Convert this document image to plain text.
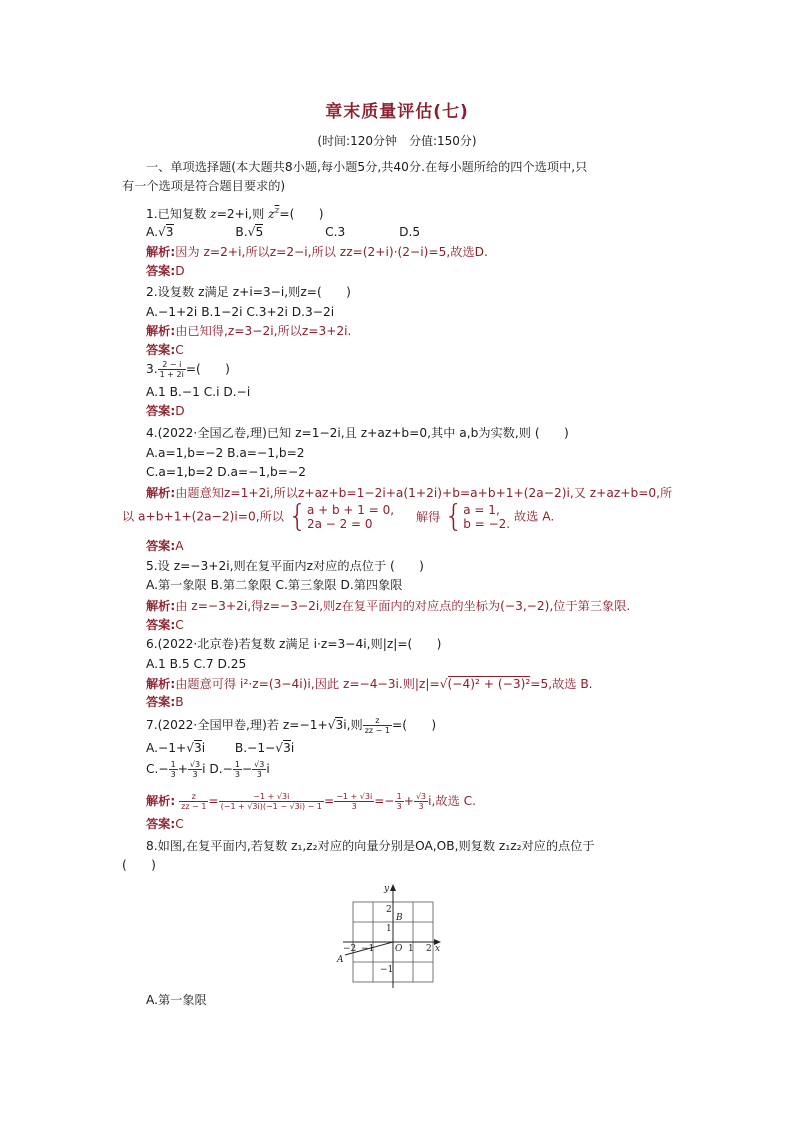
章末质量评估(七)
(时间:120分钟　分值:150分)
一、单项选择题(本大题共8小题,每小题5分,共40分.在每小题所给的四个选项中,只
有一个选项是符合题目要求的)
1.已知复数 z=2+i,则 $z^{\overline{z}}=$(　　)
A.√3	B.√5	C.3	D.5
解析:因为 z=2+i,所以z=2−i,所以 zz=(2+i)·(2−i)=5,故选D.
答案:D
2.设复数 z满足 z+i=3−i,则z=(　　)
A.−1+2i B.1−2i C.3+2i D.3−2i
解析:由已知得,z=3−2i,所以z=3+2i.
答案:C
3. $\frac{2 - i}{1 + 2i}$ =(　　)
A.1 B.−1 C.i D.−i
答案:D
4.(2022·全国乙卷,理)已知 z=1−2i,且 z+az+b=0,其中 a,b为实数,则 (　　)
A.a=1,b=−2 B.a=−1,b=2
C.a=1,b=2 D.a=−1,b=−2
解析:由题意知z=1+2i,所以z+az+b=1−2i+a(1+2i)+b=a+b+1+(2a−2)i,又 z+az+b=0,所
以 a+b+1+(2a−2)i=0,所以 { a + b + 1 = 0,
2a − 2 = 0
解得 { a = 1,
b = −2.
故选 A.
答案:A
5.设 z=−3+2i,则在复平面内z对应的点位于 (　　)
A.第一象限 B.第二象限 C.第三象限 D.第四象限
解析:由 z=−3+2i,得z=−3−2i,则z在复平面内的对应点的坐标为(−3,−2),位于第三象限.
答案:C
6.(2022·北京卷)若复数 z满足 i·z=3−4i,则|z|=(　　)
A.1 B.5 C.7 D.25
解析:由题意可得 i²·z=(3−4i)i,因此 z=−4−3i.则|z|=√(−4)² + (−3)²=5,故选 B.
答案:B
7.(2022·全国甲卷,理)若 z=−1+√3i,则 $\frac{z}{zz - 1}$ =(　　)
A.−1+√3i B.−1−√3i
$C.- \frac{1}{3} + \frac{√3}{3}$ i $D.- \frac{1}{3} - \frac{√3}{3}$ i
解析: $\frac{z}{zz - 1} = \frac{-1 + √3i}{(-1 + √3i)(-1 - √3i) - 1} = \frac{-1 + √3i}{3} =- \frac{1}{3} + \frac{√3}{3} i$,故选 C.
答案:C
8.如图,在复平面内,若复数 z₁,z₂对应的向量分别是OA,OB,则复数 z₁z₂对应的点位于
(　　)
y
x
O
2
1
−1
−2 −1	1 2
A
B
A.第一象限
